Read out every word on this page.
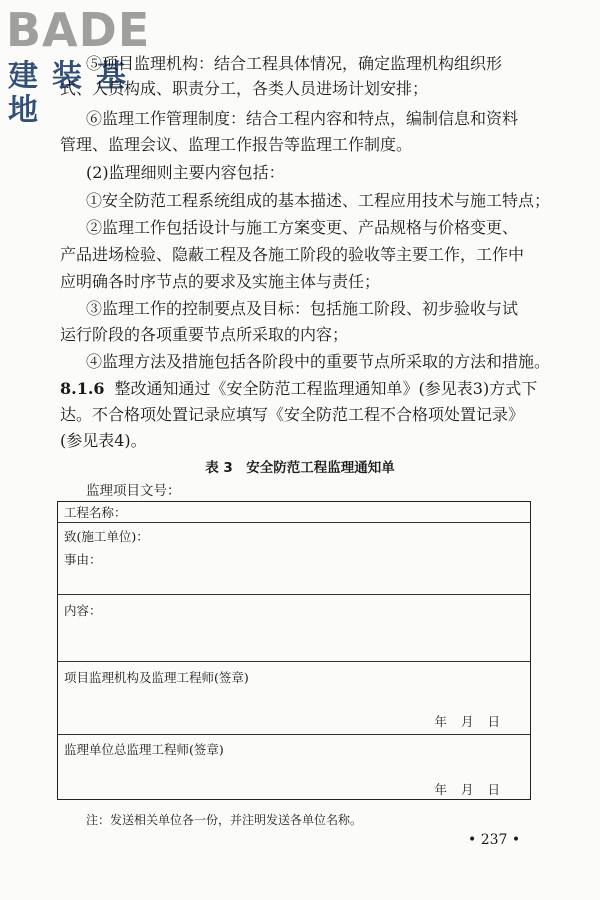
BADE
建装基地
⑤项目监理机构：结合工程具体情况，确定监理机构组织形
式、人员构成、职责分工，各类人员进场计划安排；
⑥监理工作管理制度：结合工程内容和特点，编制信息和资料
管理、监理会议、监理工作报告等监理工作制度。
(2)监理细则主要内容包括：
①安全防范工程系统组成的基本描述、工程应用技术与施工特点；
②监理工作包括设计与施工方案变更、产品规格与价格变更、
产品进场检验、隐蔽工程及各施工阶段的验收等主要工作，工作中
应明确各时序节点的要求及实施主体与责任；
③监理工作的控制要点及目标：包括施工阶段、初步验收与试
运行阶段的各项重要节点所采取的内容；
④监理方法及措施包括各阶段中的重要节点所采取的方法和措施。
8.1.6 整改通知通过《安全防范工程监理通知单》(参见表3)方式下达。不合格项处置记录应填写《安全防范工程不合格项处置记录》(参见表4)。
表 3　安全防范工程监理通知单
监理项目文号：
工程名称：
致(施工单位)：
事由：
内容：
项目监理机构及监理工程师(签章)
年 月 日
监理单位总监理工程师(签章)
年 月 日
注：发送相关单位各一份，并注明发送各单位名称。
• 237 •
